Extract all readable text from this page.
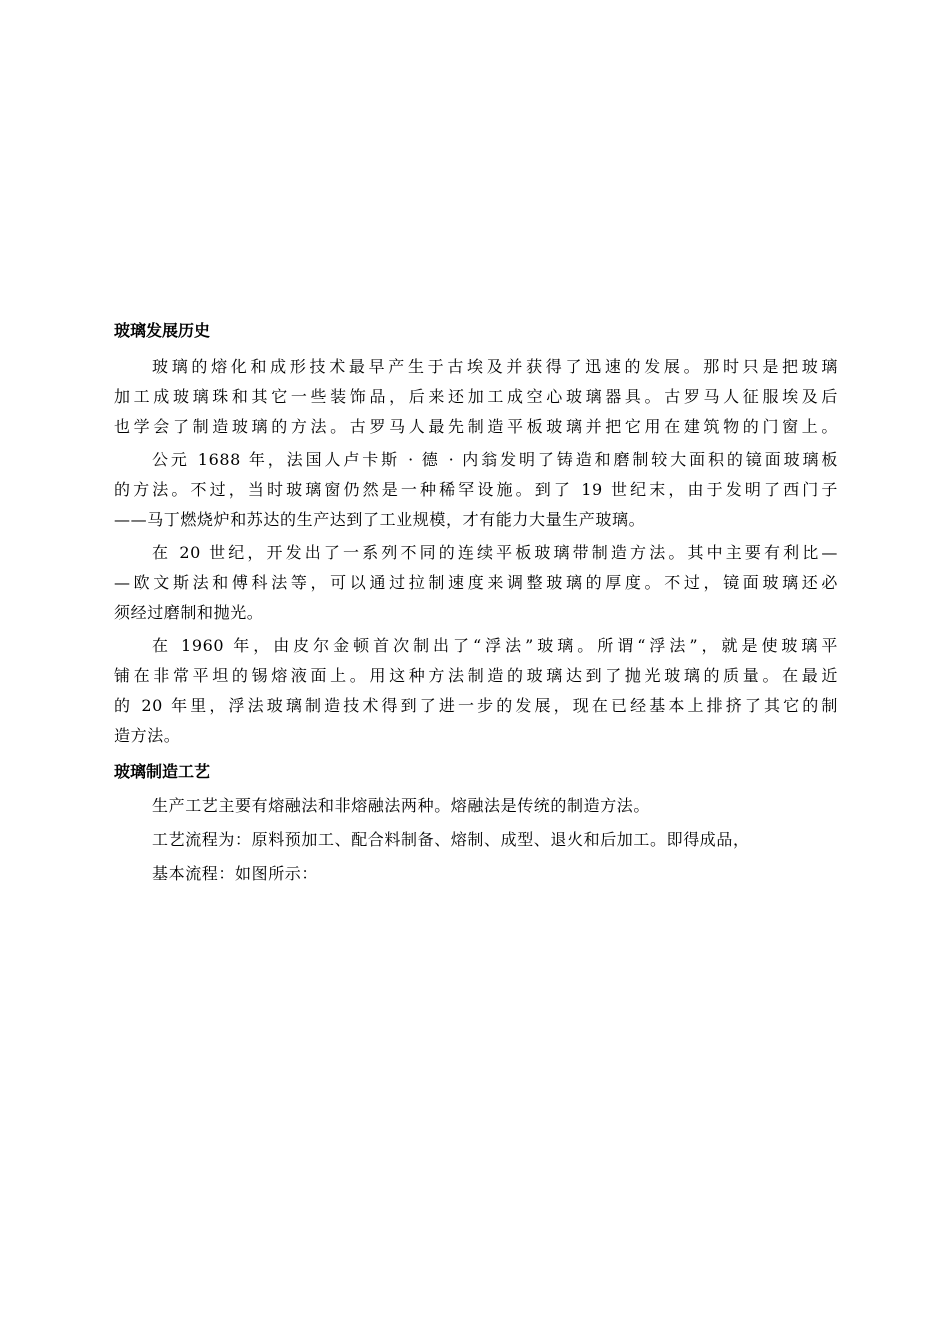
玻璃发展历史

玻璃的熔化和成形技术最早产生于古埃及并获得了迅速的发展。那时只是把玻璃
加工成玻璃珠和其它一些装饰品，后来还加工成空心玻璃器具。古罗马人征服埃及后
也学会了制造玻璃的方法。古罗马人最先制造平板玻璃并把它用在建筑物的门窗上。

公元 1688 年，法国人卢卡斯 · 德 · 内翁发明了铸造和磨制较大面积的镜面玻璃板
的方法。不过，当时玻璃窗仍然是一种稀罕设施。到了 19 世纪末，由于发明了西门子
——马丁燃烧炉和苏达的生产达到了工业规模，才有能力大量生产玻璃。

在 20 世纪，开发出了一系列不同的连续平板玻璃带制造方法。其中主要有利比—
—欧文斯法和傅科法等，可以通过拉制速度来调整玻璃的厚度。不过，镜面玻璃还必
须经过磨制和抛光。

在 1960 年，由皮尔金顿首次制出了“浮法”玻璃。所谓“浮法”，就是使玻璃平
铺在非常平坦的锡熔液面上。用这种方法制造的玻璃达到了抛光玻璃的质量。在最近
的 20 年里，浮法玻璃制造技术得到了进一步的发展，现在已经基本上排挤了其它的制
造方法。

玻璃制造工艺

生产工艺主要有熔融法和非熔融法两种。熔融法是传统的制造方法。

工艺流程为：原料预加工、配合料制备、熔制、成型、退火和后加工。即得成品，

基本流程：如图所示：
